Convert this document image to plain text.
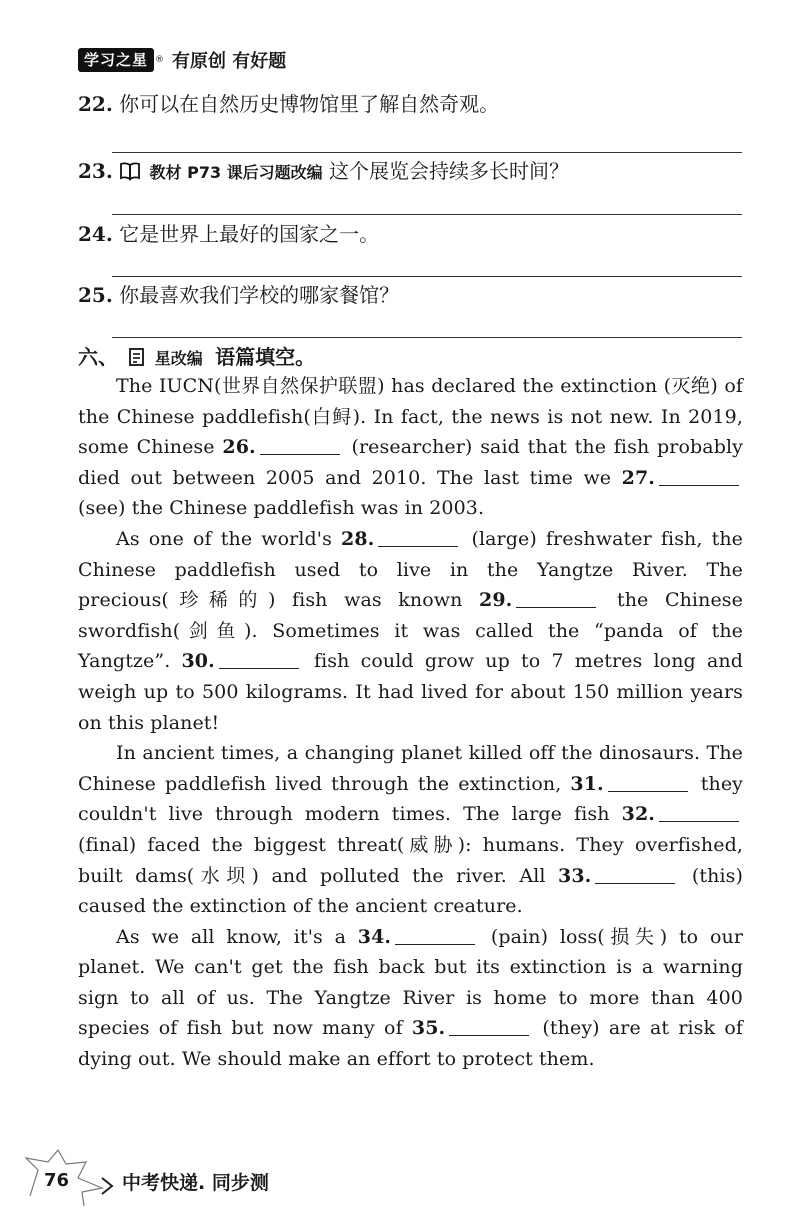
学习之星 ® 有原创 有好题
22. 你可以在自然历史博物馆里了解自然奇观。
23. 教材 P73 课后习题改编 这个展览会持续多长时间？
24. 它是世界上最好的国家之一。
25. 你最喜欢我们学校的哪家餐馆？
六、 星改编 语篇填空。

The IUCN(世界自然保护联盟) has declared the extinction (灭绝) of the Chinese paddlefish(白鲟). In fact, the news is not new. In 2019, some Chinese 26.	(researcher) said that the fish probably died out between 2005 and 2010. The last time we 27. (see) the Chinese paddlefish was in 2003.

As one of the world's 28.	(large) freshwater fish, the Chinese paddlefish used to live in the Yangtze River. The precious(珍稀的) fish was known 29.	the Chinese swordfish(剑鱼). Sometimes it was called the “panda of the Yangtze”. 30.	fish could grow up to 7 metres long and weigh up to 500 kilograms. It had lived for about 150 million years on this planet!

In ancient times, a changing planet killed off the dinosaurs. The Chinese paddlefish lived through the extinction, 31.	they couldn't live through modern times. The large fish 32. (final) faced the biggest threat(威胁): humans. They overfished, built dams(水坝) and polluted the river. All 33.	(this) caused the extinction of the ancient creature.

As we all know, it's a 34.	(pain) loss(损失) to our planet. We can't get the fish back but its extinction is a warning sign to all of us. The Yangtze River is home to more than 400 species of fish but now many of 35.	(they) are at risk of dying out. We should make an effort to protect them.

76	中考快递. 同步测
